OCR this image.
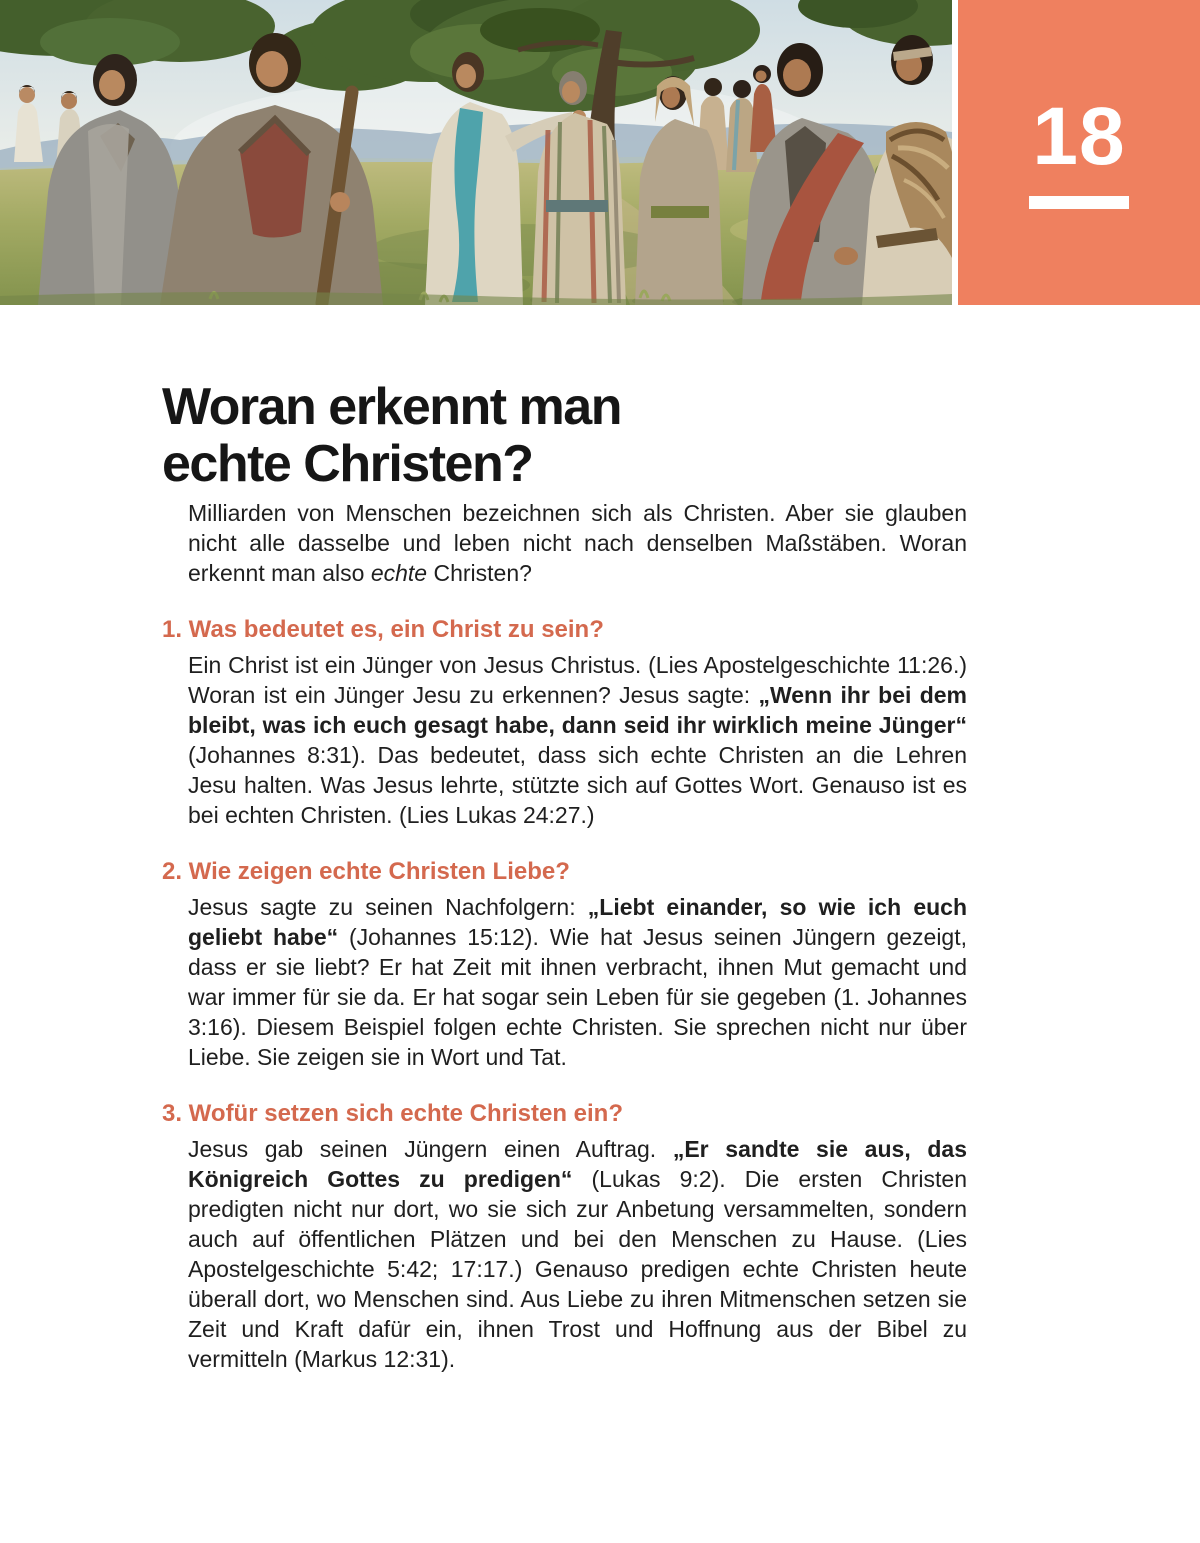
18
Woran erkennt man
echte Christen?

Milliarden von Menschen bezeichnen sich als Christen. Aber sie glauben nicht alle dasselbe und leben nicht nach denselben Maßstäben. Woran erkennt man also echte Christen?

1. Was bedeutet es, ein Christ zu sein?

Ein Christ ist ein Jünger von Jesus Christus. (Lies Apostelgeschichte 11:26.) Woran ist ein Jünger Jesu zu erkennen? Jesus sagte: „Wenn ihr bei dem bleibt, was ich euch gesagt habe, dann seid ihr wirklich meine Jünger“ (Johannes 8:31). Das bedeutet, dass sich echte Christen an die Lehren Jesu halten. Was Jesus lehrte, stützte sich auf Gottes Wort. Genauso ist es bei echten Christen. (Lies Lukas 24:27.)

2. Wie zeigen echte Christen Liebe?

Jesus sagte zu seinen Nachfolgern: „Liebt einander, so wie ich euch geliebt habe“ (Johannes 15:12). Wie hat Jesus seinen Jüngern gezeigt, dass er sie liebt? Er hat Zeit mit ihnen verbracht, ihnen Mut gemacht und war immer für sie da. Er hat sogar sein Leben für sie gegeben (1. Johannes 3:16). Diesem Beispiel folgen echte Christen. Sie sprechen nicht nur über Liebe. Sie zeigen sie in Wort und Tat.

3. Wofür setzen sich echte Christen ein?

Jesus gab seinen Jüngern einen Auftrag. „Er sandte sie aus, das Königreich Gottes zu predigen“ (Lukas 9:2). Die ersten Christen predigten nicht nur dort, wo sie sich zur Anbetung versammelten, sondern auch auf öffentlichen Plätzen und bei den Menschen zu Hause. (Lies Apostelgeschichte 5:42; 17:17.) Genauso predigen echte Christen heute überall dort, wo Menschen sind. Aus Liebe zu ihren Mitmenschen setzen sie Zeit und Kraft dafür ein, ihnen Trost und Hoffnung aus der Bibel zu vermitteln (Markus 12:31).
